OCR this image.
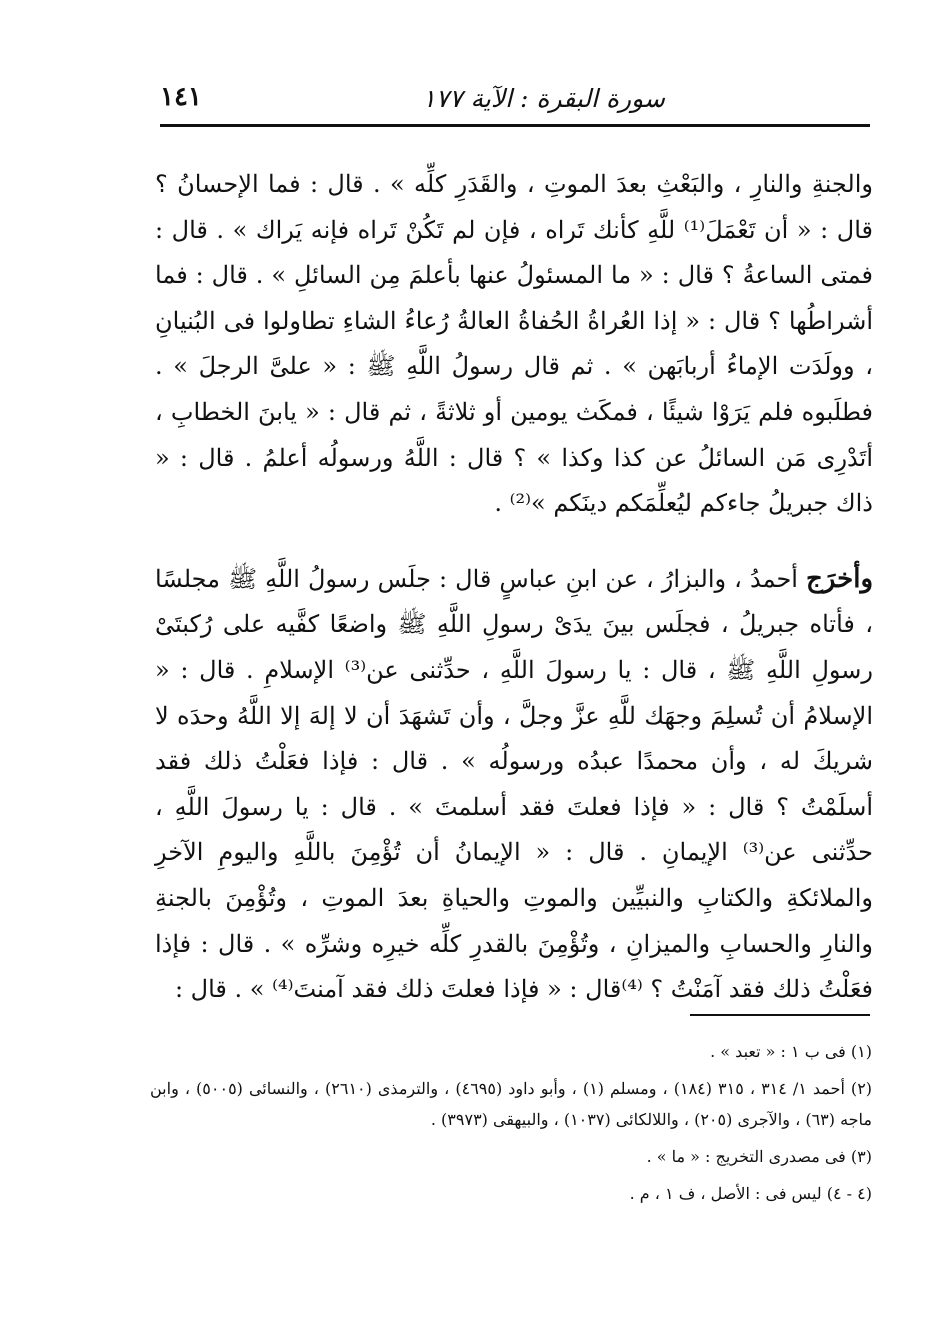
سورة البقرة : الآية ١٧٧
١٤١

والجنةِ والنارِ ، والبَعْثِ بعدَ الموتِ ، والقَدَرِ كلِّه » . قال : فما الإحسانُ ؟ قال : « أن تَعْمَلَ⁽¹⁾ للَّهِ كأنك تَراه ، فإن لم تَكُنْ تَراه فإنه يَراك » . قال : فمتى الساعةُ ؟ قال : « ما المسئولُ عنها بأعلمَ مِن السائلِ » . قال : فما أشراطُها ؟ قال : « إذا العُراةُ الحُفاةُ العالةُ رُعاءُ الشاءِ تطاولوا فى البُنيانِ ، وولَدَت الإماءُ أربابَهن » . ثم قال رسولُ اللَّهِ ﷺ : « علىَّ الرجلَ » . فطلَبوه فلم يَرَوْا شيئًا ، فمكَث يومين أو ثلاثةً ، ثم قال : « يابنَ الخطابِ ، أتَدْرِى مَن السائلُ عن كذا وكذا » ؟ قال : اللَّهُ ورسولُه أعلمُ . قال : « ذاك جبريلُ جاءكم ليُعلِّمَكم دينَكم »⁽²⁾ .

وأخرَج أحمدُ ، والبزارُ ، عن ابنِ عباسٍ قال : جلَس رسولُ اللَّهِ ﷺ مجلسًا ، فأتاه جبريلُ ، فجلَس بينَ يدَىْ رسولِ اللَّهِ ﷺ واضعًا كفَّيه على رُكبتَىْ رسولِ اللَّهِ ﷺ ، قال : يا رسولَ اللَّهِ ، حدِّثنى عن⁽³⁾ الإسلامِ . قال : « الإسلامُ أن تُسلِمَ وجهَك للَّهِ عزَّ وجلَّ ، وأن تَشهَدَ أن لا إلهَ إلا اللَّهُ وحدَه لا شريكَ له ، وأن محمدًا عبدُه ورسولُه » . قال : فإذا فعَلْتُ ذلك فقد أسلَمْتُ ؟ قال : « فإذا فعلتَ فقد أسلمتَ » . قال : يا رسولَ اللَّهِ ، حدِّثنى عن⁽³⁾ الإيمانِ . قال : « الإيمانُ أن تُؤْمِنَ باللَّهِ واليومِ الآخرِ والملائكةِ والكتابِ والنبيِّين والموتِ والحياةِ بعدَ الموتِ ، وتُؤْمِنَ بالجنةِ والنارِ والحسابِ والميزانِ ، وتُؤْمِنَ بالقدرِ كلِّه خيرِه وشرِّه » . قال : فإذا فعَلْتُ ذلك فقد آمَنْتُ ؟ ⁽⁴⁾قال : « فإذا فعلتَ ذلك فقد آمنتَ⁽⁴⁾ » . قال :

(١) فى ب ١ : « تعبد » .

(٢) أحمد ١/ ٣١٤ ، ٣١٥ (١٨٤) ، ومسلم (١) ، وأبو داود (٤٦٩٥) ، والترمذى (٢٦١٠) ، والنسائى (٥٠٠٥) ، وابن ماجه (٦٣) ، والآجرى (٢٠٥) ، واللالكائى (١٠٣٧) ، والبيهقى (٣٩٧٣) .

(٣) فى مصدرى التخريج : « ما » .

(٤ - ٤) ليس فى : الأصل ، ف ١ ، م .
